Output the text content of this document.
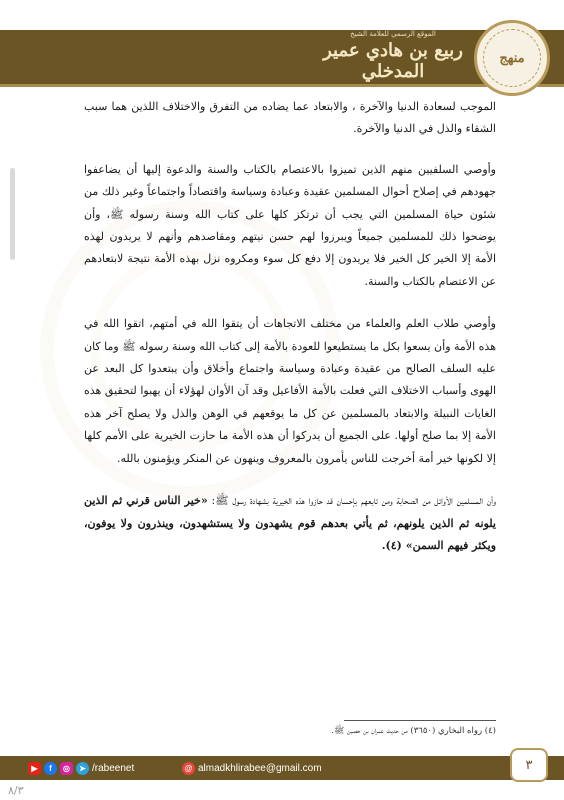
الموقع الرسمي للعلامة الشيخ
ربيع بن هادي عمير المدخلي
منهج

الموجب لسعادة الدنيا والآخرة ، والابتعاد عما يضاده من التفرق والاختلاف اللذين هما سبب الشقاء والذل في الدنيا والآخرة.

وأوصي السلفيين منهم الذين تميزوا بالاعتصام بالكتاب والسنة والدعوة إليها أن يضاعفوا جهودهم في إصلاح أحوال المسلمين عقيدة وعبادة وسياسة واقتصاداً واجتماعاً وغير ذلك من شئون حياة المسلمين التي يجب أن ترتكز كلها على كتاب الله وسنة رسوله ﷺ، وأن يوضحوا ذلك للمسلمين جميعاً ويبرزوا لهم حسن نيتهم ومقاصدهم وأنهم لا يريدون لهذه الأمة إلا الخير كل الخير فلا يريدون إلا دفع كل سوء ومكروه نزل بهذه الأمة نتيجة لابتعادهم عن الاعتصام بالكتاب والسنة.

وأوصي طلاب العلم والعلماء من مختلف الاتجاهات أن يتقوا الله في أمتهم، اتقوا الله في هذه الأمة وأن يسعوا بكل ما يستطيعوا للعودة بالأمة إلى كتاب الله وسنة رسوله ﷺ وما كان عليه السلف الصالح من عقيدة وعبادة وسياسة واجتماع وأخلاق وأن يبتعدوا كل البعد عن الهوى وأسباب الاختلاف التي فعلت بالأمة الأفاعيل وقد آن الأوان لهؤلاء أن يهبوا لتحقيق هذه الغايات النبيلة والابتعاد بالمسلمين عن كل ما يوقعهم في الوهن والذل ولا يصلح آخر هذه الأمة إلا بما صلح أولها. على الجميع أن يدركوا أن هذه الأمة ما حازت الخيرية على الأمم كلها إلا لكونها خير أمة أخرجت للناس يأمرون بالمعروف وينهون عن المنكر ويؤمنون بالله.

وأن المسلمين الأوائل من الصحابة ومن تابعهم بإحسان قد حازوا هذه الخيرية بشهادة رسول ﷺ: «خير الناس قرني ثم الذين يلونه ثم الذين يلونهم، ثم يأتي بعدهم قوم يشهدون ولا يستشهدون، وينذرون ولا يوفون، ويكثر فيهم السمن» (٤).

(٤) رواه البخاري (٣٦٥٠) من حديث عمران بن حصين ﷺ.
٣
▶	f	◎	➤ /rabeenet	@ almadkhlirabee@gmail.com
٨/٣
